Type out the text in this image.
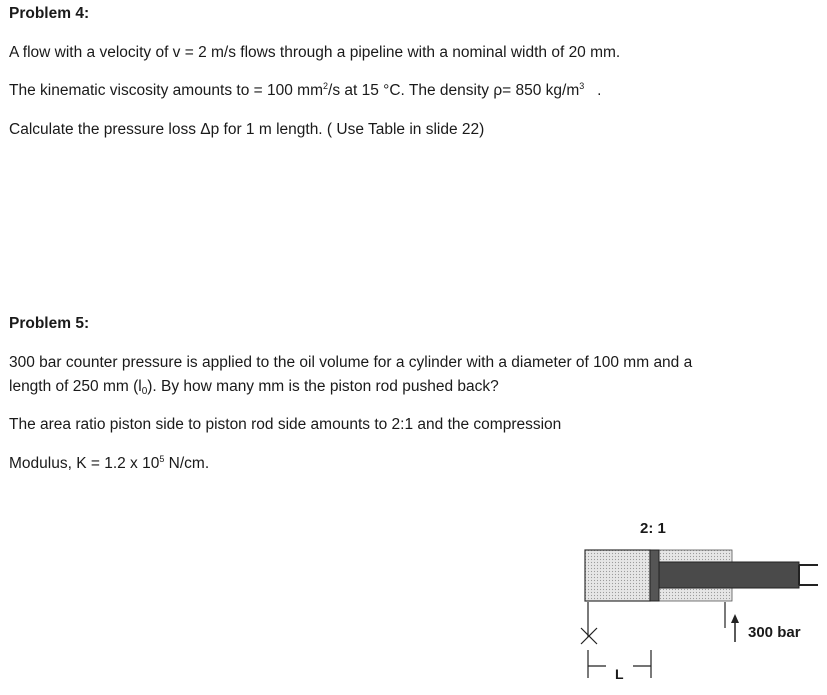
Problem 4:
A flow with a velocity of v = 2 m/s flows through a pipeline with a nominal width of 20 mm.
The kinematic viscosity amounts to = 100 $mm^2/s$ at 15 °C. The density ρ= 850 $kg/m^3$   .
Calculate the pressure loss Δp for 1 m length. ( Use Table in slide 22)
Problem 5:
300 bar counter pressure is applied to the oil volume for a cylinder with a diameter of 100 mm and a
length of 250 mm $(l_0)$. By how many mm is the piston rod pushed back?
The area ratio piston side to piston rod side amounts to 2:1 and the compression
Modulus, K = 1.2 x $10^5$ N/cm.
2: 1
300 bar
L
